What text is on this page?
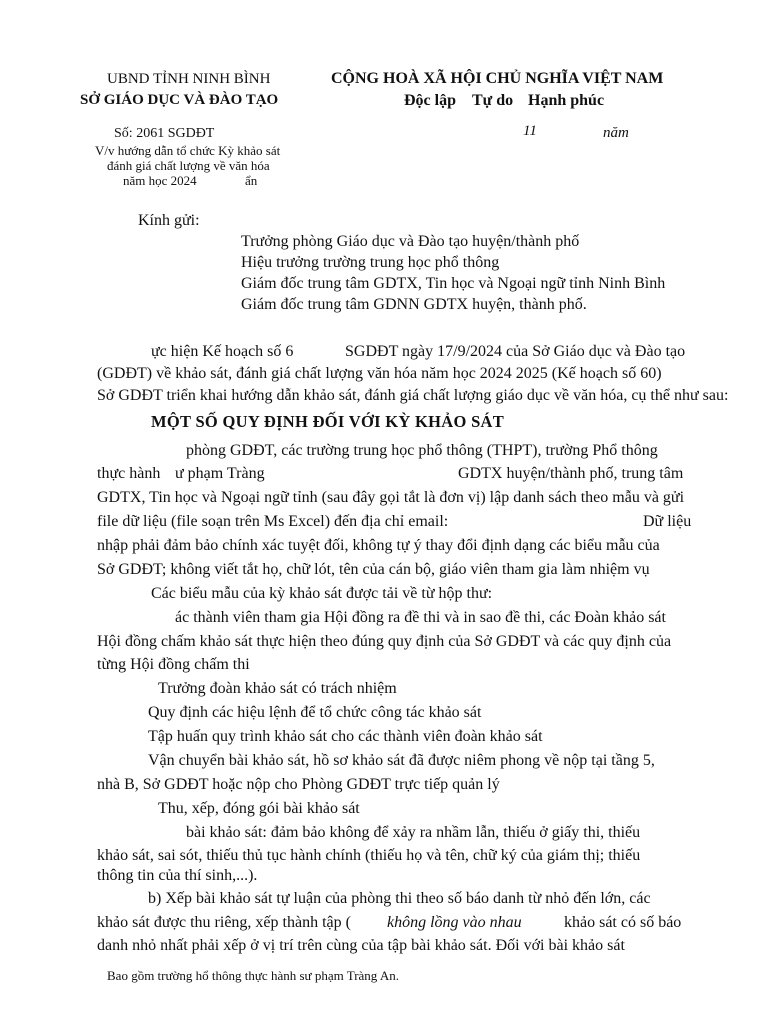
UBND TỈNH NINH BÌNH
SỞ GIÁO DỤC VÀ ĐÀO TẠO
CỘNG HOÀ XÃ HỘI CHỦ NGHĨA VIỆT NAM
Độc lập Tự do Hạnh phúc
Số: 2061 SGDĐT
V/v hướng dẫn tổ chức Kỳ khảo sát
đánh giá chất lượng về văn hóa
năm học 2024	ẩn
11	năm
Kính gửi:
Trưởng phòng Giáo dục và Đào tạo huyện/thành phố
Hiệu trưởng trường trung học phổ thông
Giám đốc trung tâm GDTX, Tin học và Ngoại ngữ tỉnh Ninh Bình
Giám đốc trung tâm GDNN GDTX huyện, thành phố.
ực hiện Kế hoạch số 6	SGDĐT ngày 17/9/2024 của Sở Giáo dục và Đào tạo
(GDĐT) về khảo sát, đánh giá chất lượng văn hóa năm học 2024 2025 (Kế hoạch số 60)
Sở GDĐT triển khai hướng dẫn khảo sát, đánh giá chất lượng giáo dục về văn hóa, cụ thể như sau:
MỘT SỐ QUY ĐỊNH ĐỐI VỚI KỲ KHẢO SÁT
phòng GDĐT, các trường trung học phổ thông (THPT), trường Phổ thông
thực hành ư phạm Tràng	GDTX huyện/thành phố, trung tâm
GDTX, Tin học và Ngoại ngữ tỉnh (sau đây gọi tắt là đơn vị) lập danh sách theo mẫu và gửi
file dữ liệu (file soạn trên Ms Excel) đến địa chỉ email:	Dữ liệu
nhập phải đảm bảo chính xác tuyệt đối, không tự ý thay đổi định dạng các biểu mẫu của
Sở GDĐT; không viết tắt họ, chữ lót, tên của cán bộ, giáo viên tham gia làm nhiệm vụ
Các biểu mẫu của kỳ khảo sát được tải về từ hộp thư:
ác thành viên tham gia Hội đồng ra đề thi và in sao đề thi, các Đoàn khảo sát
Hội đồng chấm khảo sát thực hiện theo đúng quy định của Sở GDĐT và các quy định của
từng Hội đồng chấm thi
Trưởng đoàn khảo sát có trách nhiệm
Quy định các hiệu lệnh để tổ chức công tác khảo sát
Tập huấn quy trình khảo sát cho các thành viên đoàn khảo sát
Vận chuyển bài khảo sát, hồ sơ khảo sát đã được niêm phong về nộp tại tầng 5,
nhà B, Sở GDĐT hoặc nộp cho Phòng GDĐT trực tiếp quản lý
Thu, xếp, đóng gói bài khảo sát
bài khảo sát: đảm bảo không để xảy ra nhầm lẫn, thiếu ở giấy thi, thiếu
khảo sát, sai sót, thiếu thủ tục hành chính (thiếu họ và tên, chữ ký của giám thị; thiếu
thông tin của thí sinh,...).
b) Xếp bài khảo sát tự luận của phòng thi theo số báo danh từ nhỏ đến lớn, các
khảo sát được thu riêng, xếp thành tập ( không lồng vào nhau	khảo sát có số báo
danh nhỏ nhất phải xếp ở vị trí trên cùng của tập bài khảo sát. Đối với bài khảo sát
Bao gồm trường hổ thông thực hành sư phạm Tràng An.
